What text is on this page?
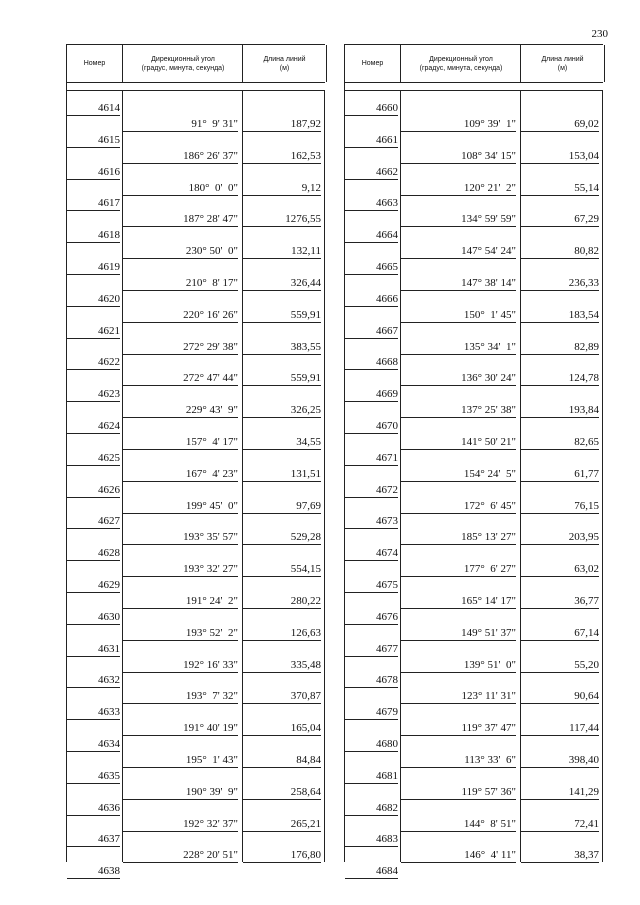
230
Номер
Дирекционный угол
(градус, минута, секунда)
Длина линий
(м)
4614
4615
4616
4617
4618
4619
4620
4621
4622
4623
4624
4625
4626
4627
4628
4629
4630
4631
4632
4633
4634
4635
4636
4637
4638
91°  9' 31"
186° 26' 37"
180°  0'  0"
187° 28' 47"
230° 50'  0"
210°  8' 17"
220° 16' 26"
272° 29' 38"
272° 47' 44"
229° 43'  9"
157°  4' 17"
167°  4' 23"
199° 45'  0"
193° 35' 57"
193° 32' 27"
191° 24'  2"
193° 52'  2"
192° 16' 33"
193°  7' 32"
191° 40' 19"
195°  1' 43"
190° 39'  9"
192° 32' 37"
228° 20' 51"
187,92
162,53
9,12
1276,55
132,11
326,44
559,91
383,55
559,91
326,25
34,55
131,51
97,69
529,28
554,15
280,22
126,63
335,48
370,87
165,04
84,84
258,64
265,21
176,80
Номер
Дирекционный угол
(градус, минута, секунда)
Длина линий
(м)
4660
4661
4662
4663
4664
4665
4666
4667
4668
4669
4670
4671
4672
4673
4674
4675
4676
4677
4678
4679
4680
4681
4682
4683
4684
109° 39'  1"
108° 34' 15"
120° 21'  2"
134° 59' 59"
147° 54' 24"
147° 38' 14"
150°  1' 45"
135° 34'  1"
136° 30' 24"
137° 25' 38"
141° 50' 21"
154° 24'  5"
172°  6' 45"
185° 13' 27"
177°  6' 27"
165° 14' 17"
149° 51' 37"
139° 51'  0"
123° 11' 31"
119° 37' 47"
113° 33'  6"
119° 57' 36"
144°  8' 51"
146°  4' 11"
69,02
153,04
55,14
67,29
80,82
236,33
183,54
82,89
124,78
193,84
82,65
61,77
76,15
203,95
63,02
36,77
67,14
55,20
90,64
117,44
398,40
141,29
72,41
38,37
